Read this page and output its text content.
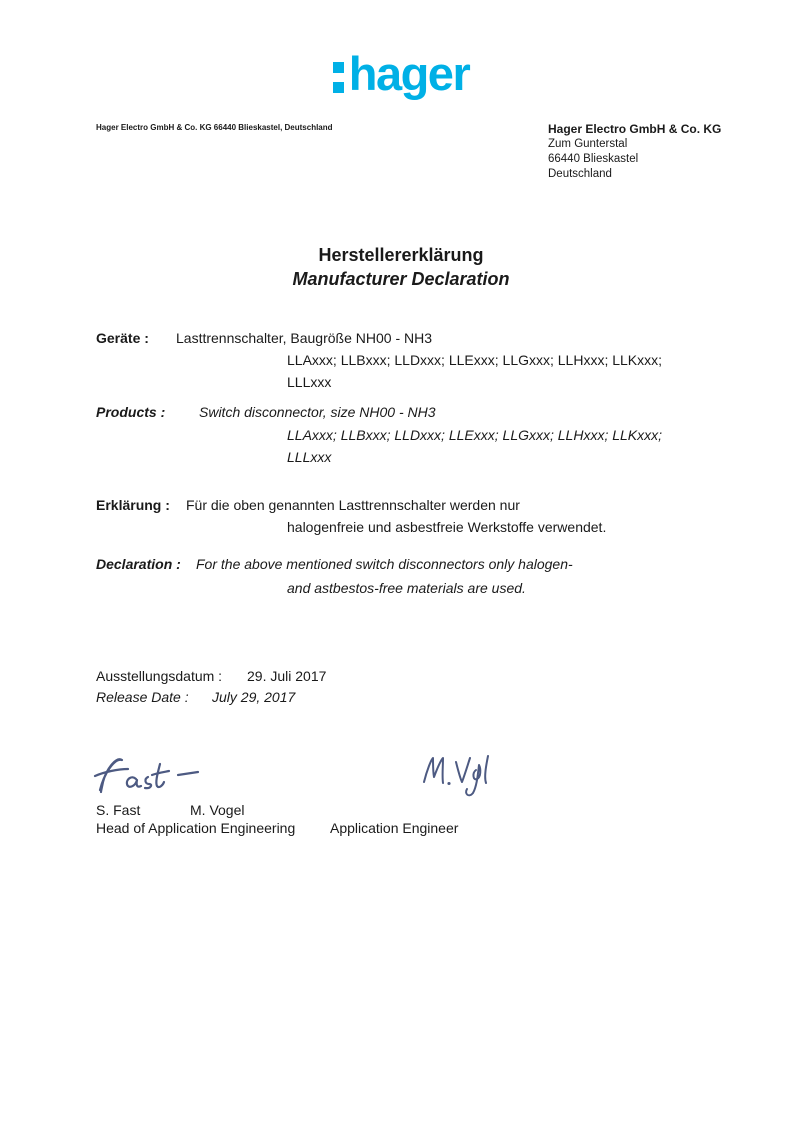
hager
Hager Electro GmbH & Co. KG 66440 Blieskastel, Deutschland	Hager Electro GmbH & Co. KG
Zum Gunterstal
66440 Blieskastel
Deutschland
Herstellererklärung
Manufacturer Declaration
Geräte : Lasttrennschalter, Baugröße NH00 - NH3
LLAxxx; LLBxxx; LLDxxx; LLExxx; LLGxxx; LLHxxx; LLKxxx;
LLLxxx
Products : Switch disconnector, size NH00 - NH3
LLAxxx; LLBxxx; LLDxxx; LLExxx; LLGxxx; LLHxxx; LLKxxx;
LLLxxx
Erklärung : Für die oben genannten Lasttrennschalter werden nur
halogenfreie und asbestfreie Werkstoffe verwendet.
Declaration : For the above mentioned switch disconnectors only halogen-
and astbestos-free materials are used.
Ausstellungsdatum : 29. Juli 2017
Release Date : July 29, 2017
S. Fast	M. Vogel
Head of Application Engineering Application Engineer
